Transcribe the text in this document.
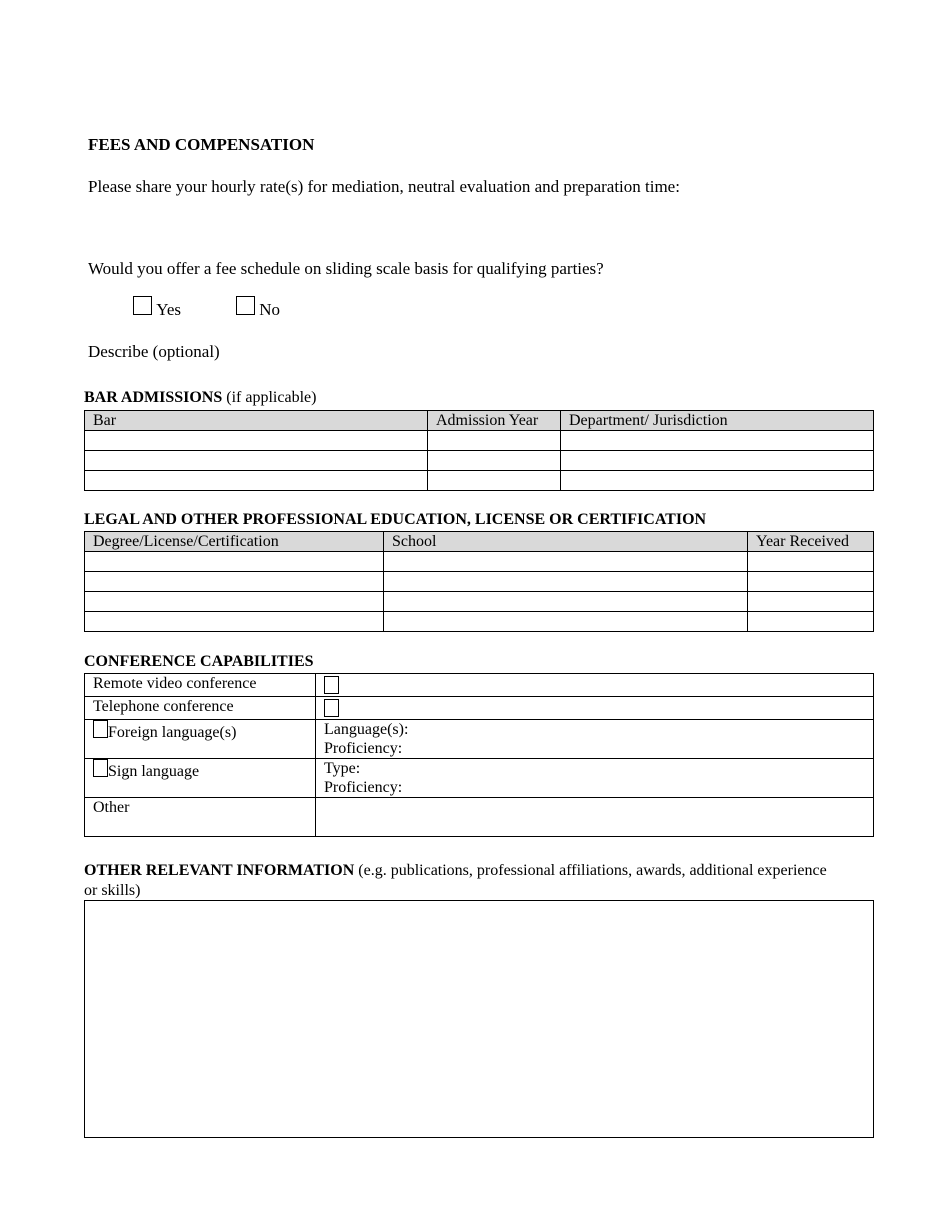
FEES AND COMPENSATION
Please share your hourly rate(s) for mediation, neutral evaluation and preparation time:
Would you offer a fee schedule on sliding scale basis for qualifying parties?
Yes	No
Describe (optional)
BAR ADMISSIONS (if applicable)
Bar	Admission Year	Department/ Jurisdiction

LEGAL AND OTHER PROFESSIONAL EDUCATION, LICENSE OR CERTIFICATION
Degree/License/Certification	School	Year Received

CONFERENCE CAPABILITIES
Remote video conference	
Telephone conference	
Foreign language(s)	Language(s):
Proficiency:

Sign language	Type:
Proficiency:

Other	
OTHER RELEVANT INFORMATION (e.g. publications, professional affiliations, awards, additional experience or skills)
